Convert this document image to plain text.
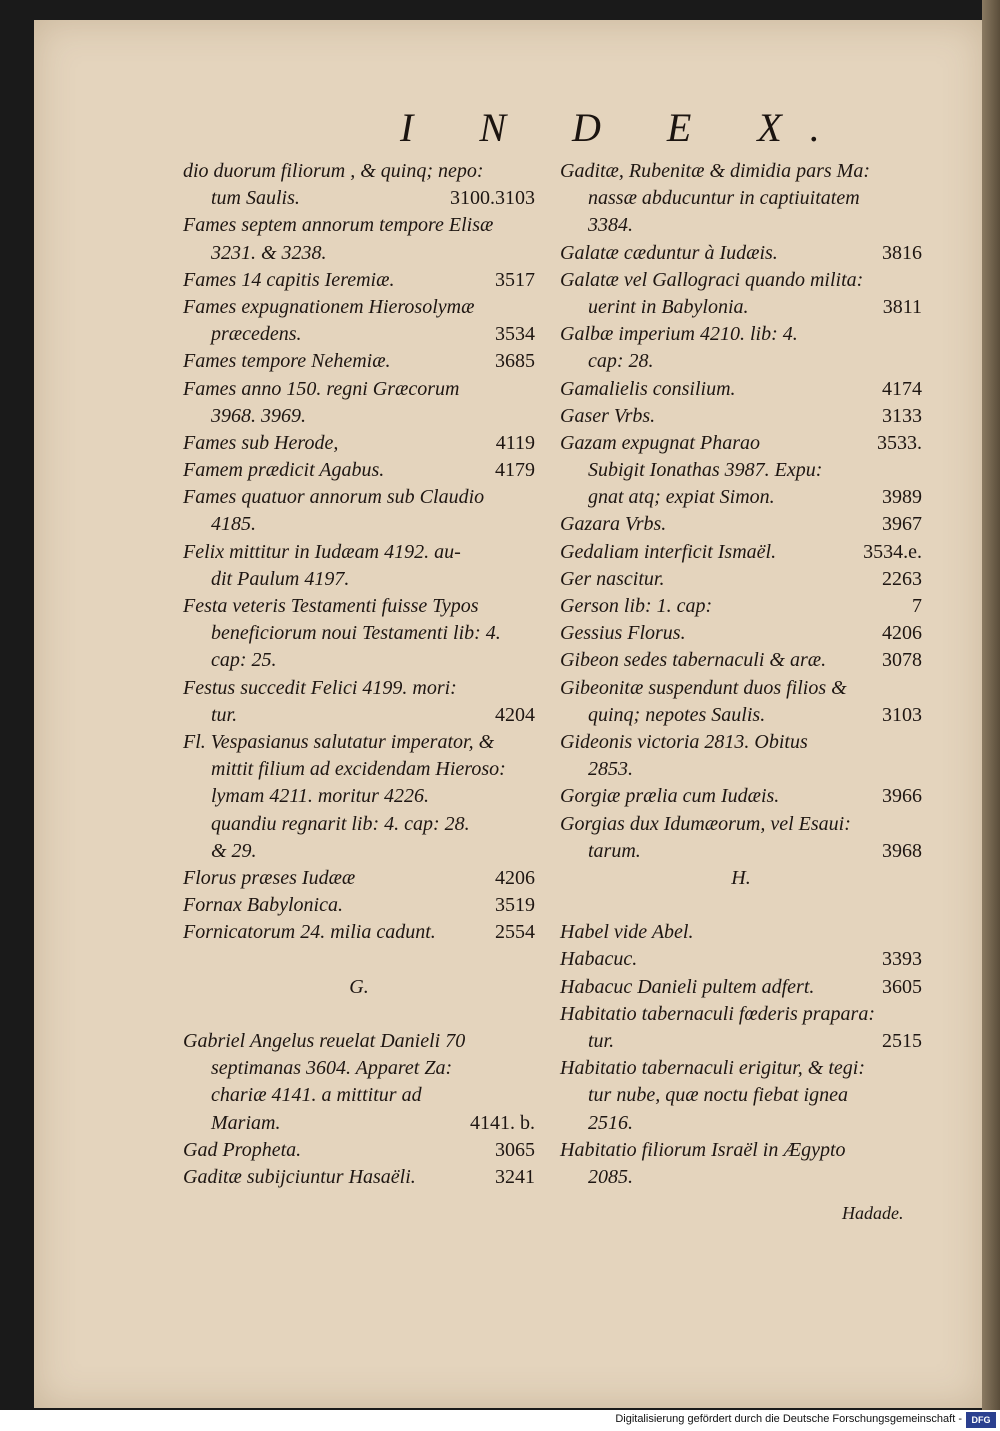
I N D E X.
dio duorum filiorum , & quinq; nepo:
tum Saulis.	3100.3103
Fames septem annorum tempore Elisæ
3231. & 3238.
Fames 14 capitis Ieremiæ.	3517
Fames expugnationem Hierosolymæ
præcedens.	3534
Fames tempore Nehemiæ.	3685
Fames anno 150. regni Græcorum
3968. 3969.
Fames sub Herode,	4119
Famem prædicit Agabus.	4179
Fames quatuor annorum sub Claudio
4185.
Felix mittitur in Iudæam 4192. au-
dit Paulum 4197.
Festa veteris Testamenti fuisse Typos
beneficiorum noui Testamenti lib: 4.
cap: 25.
Festus succedit Felici 4199. mori:
tur.	4204
Fl. Vespasianus salutatur imperator, &
mittit filium ad excidendam Hieroso:
lymam 4211. moritur 4226.
quandiu regnarit lib: 4. cap: 28.
& 29.
Florus præses Iudææ	4206
Fornax Babylonica.	3519
Fornicatorum 24. milia cadunt.	2554
G.
Gabriel Angelus reuelat Danieli 70
septimanas 3604. Apparet Za:
chariæ 4141. a mittitur ad
Mariam.	4141. b.
Gad Propheta.	3065
Gaditæ subijciuntur Hasaëli.	3241
Gaditæ, Rubenitæ & dimidia pars Ma:
nassæ abducuntur in captiuitatem
3384.
Galatæ cæduntur à Iudæis.	3816
Galatæ vel Gallograci quando milita:
uerint in Babylonia.	3811
Galbæ imperium 4210. lib: 4.
cap: 28.
Gamalielis consilium.	4174
Gaser Vrbs.	3133
Gazam expugnat Pharao	3533.
Subigit Ionathas 3987. Expu:
gnat atq; expiat Simon.	3989
Gazara Vrbs.	3967
Gedaliam interficit Ismaël.	3534.e.
Ger nascitur.	2263
Gerson lib: 1. cap:	7
Gessius Florus.	4206
Gibeon sedes tabernaculi & aræ.	3078
Gibeonitæ suspendunt duos filios &
quinq; nepotes Saulis.	3103
Gideonis victoria 2813. Obitus
2853.
Gorgiæ prælia cum Iudæis.	3966
Gorgias dux Idumæorum, vel Esaui:
tarum.	3968
H.
Habel vide Abel.
Habacuc.	3393
Habacuc Danieli pultem adfert.	3605
Habitatio tabernaculi fœderis prapara:
tur.	2515
Habitatio tabernaculi erigitur, & tegi:
tur nube, quæ noctu fiebat ignea
2516.
Habitatio filiorum Israël in Ægypto
2085.
Hadade.
Digitalisierung gefördert durch die Deutsche Forschungsgemeinschaft -	DFG
